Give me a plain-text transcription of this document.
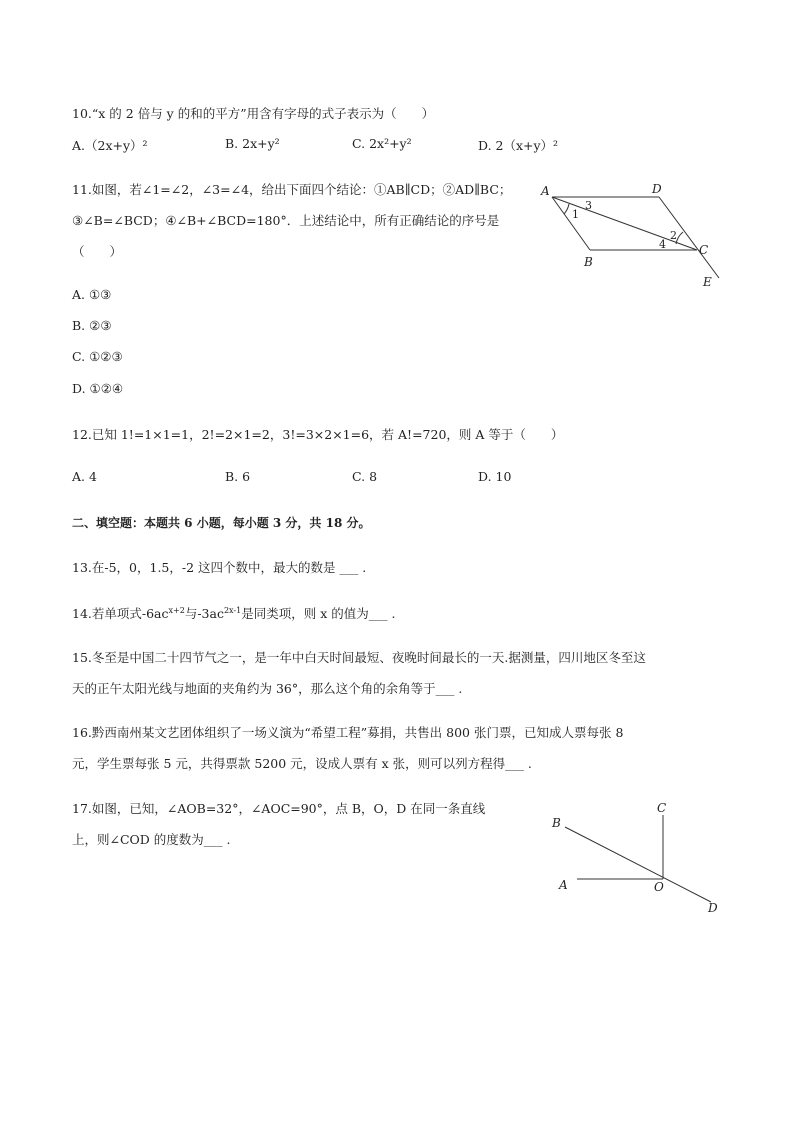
10.“x 的 2 倍与 y 的和的平方”用含有字母的式子表示为（　　）
A.（2x+y）²	B. 2x+y²	C. 2x²+y²	D. 2（x+y）²
11.如图，若∠1=∠2，∠3=∠4，给出下面四个结论：①AB∥CD；②AD∥BC；
③∠B=∠BCD；④∠B+∠BCD=180°．上述结论中，所有正确结论的序号是
（　　）
A. ①③
B. ②③
C. ①②③
D. ①②④
A	D
B
C
E
1
2
3
4
12.已知 1!=1×1=1，2!=2×1=2，3!=3×2×1=6，若 A!=720，则 A 等于（　　）
A. 4	B. 6	C. 8	D. 10
二、填空题：本题共 6 小题，每小题 3 分，共 18 分。
13.在-5，0，1.5，-2 这四个数中，最大的数是 ___ .
14.若单项式$-6ac^{x+2}$与$-3ac^{2x-1}$是同类项，则 x 的值为___ .
15.冬至是中国二十四节气之一，是一年中白天时间最短、夜晚时间最长的一天.据测量，四川地区冬至这
天的正午太阳光线与地面的夹角约为 36°，那么这个角的余角等于___ .
16.黔西南州某文艺团体组织了一场义演为“希望工程”募捐，共售出 800 张门票，已知成人票每张 8
元，学生票每张 5 元，共得票款 5200 元，设成人票有 x 张，则可以列方程得___ .
17.如图，已知，∠AOB=32°，∠AOC=90°，点 B，O，D 在同一条直线
上，则∠COD 的度数为___ .
C
B
A	O
D
